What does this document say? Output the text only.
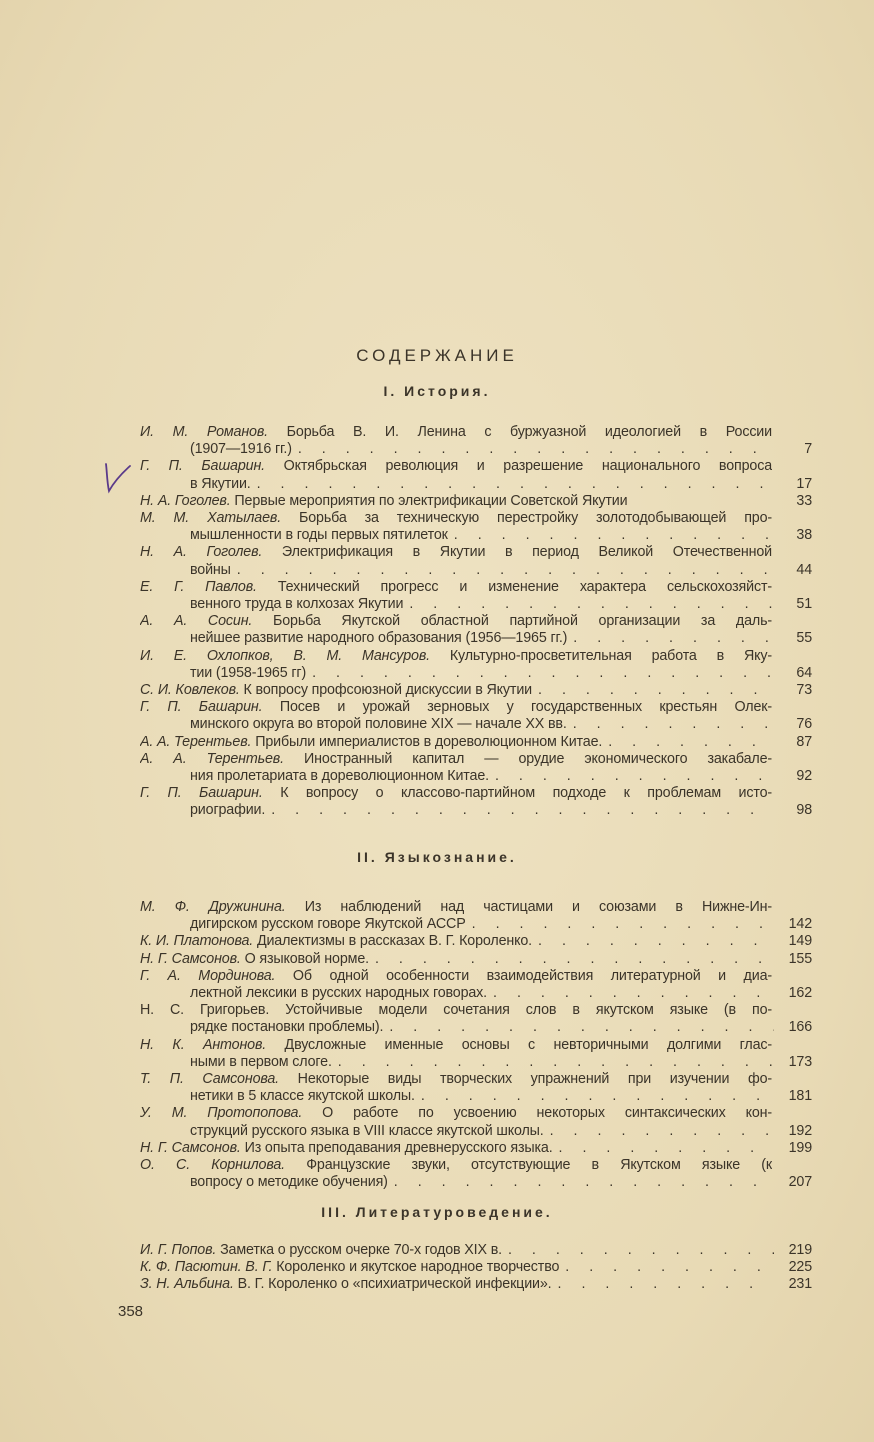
СОДЕРЖАНИЕ
I. История.
И. М. Романов. Борьба В. И. Ленина с буржуазной идеологией в России
(1907—1916 гг.) . . .	7
Г. П. Башарин. Октябрьская революция и разрешение национального вопроса
в Якутии. . . .	17
Н. А. Гоголев. Первые мероприятия по электрификации Советской Якутии	33
М. М. Хатылаев. Борьба за техническую перестройку золотодобывающей про-
мышленности в годы первых пятилеток . . .	38
Н. А. Гоголев. Электрификация в Якутии в период Великой Отечественной
войны . . .	44
Е. Г. Павлов. Технический прогресс и изменение характера сельскохозяйст-
венного труда в колхозах Якутии . . .	51
А. А. Сосин. Борьба Якутской областной партийной организации за даль-
нейшее развитие народного образования (1956—1965 гг.) . . .	55
И. Е. Охлопков, В. М. Мансуров. Культурно-просветительная работа в Яку-
тии (1958-1965 гг) . . .	64
С. И. Ковлеков. К вопросу профсоюзной дискуссии в Якутии . . .	73
Г. П. Башарин. Посев и урожай зерновых у государственных крестьян Олек-
минского округа во второй половине XIX — начале XX вв. . . .	76
А. А. Терентьев. Прибыли империалистов в дореволюционном Китае. . . .	87
А. А. Терентьев. Иностранный капитал — орудие экономического закабале-
ния пролетариата в дореволюционном Китае. . . .	92
Г. П. Башарин. К вопросу о классово-партийном подходе к проблемам исто-
риографии. . . .	98
II. Языкознание.
М. Ф. Дружинина. Из наблюдений над частицами и союзами в Нижне-Ин-
дигирском русском говоре Якутской АССР . . .	142
К. И. Платонова. Диалектизмы в рассказах В. Г. Короленко. . . .	149
Н. Г. Самсонов. О языковой норме. . . .	155
Г. А. Мординова. Об одной особенности взаимодействия литературной и диа-
лектной лексики в русских народных говорах. . . .	162
Н. С. Григорьев. Устойчивые модели сочетания слов в якутском языке (в по-
рядке постановки проблемы). . . .	166
Н. К. Антонов. Двусложные именные основы с невторичными долгими глас-
ными в первом слоге. . . .	173
Т. П. Самсонова. Некоторые виды творческих упражнений при изучении фо-
нетики в 5 классе якутской школы. . . .	181
У. М. Протопопова. О работе по усвоению некоторых синтаксических кон-
струкций русского языка в VIII классе якутской школы. . . .	192
Н. Г. Самсонов. Из опыта преподавания древнерусского языка. . . .	199
О. С. Корнилова. Французские звуки, отсутствующие в Якутском языке (к
вопросу о методике обучения) . . .	207
III. Литературоведение.
И. Г. Попов. Заметка о русском очерке 70-х годов XIX в. . . .	219
К. Ф. Пасютин. В. Г. Короленко и якутское народное творчество . . .	225
З. Н. Альбина. В. Г. Короленко о «психиатрической инфекции». . . .	231
358
